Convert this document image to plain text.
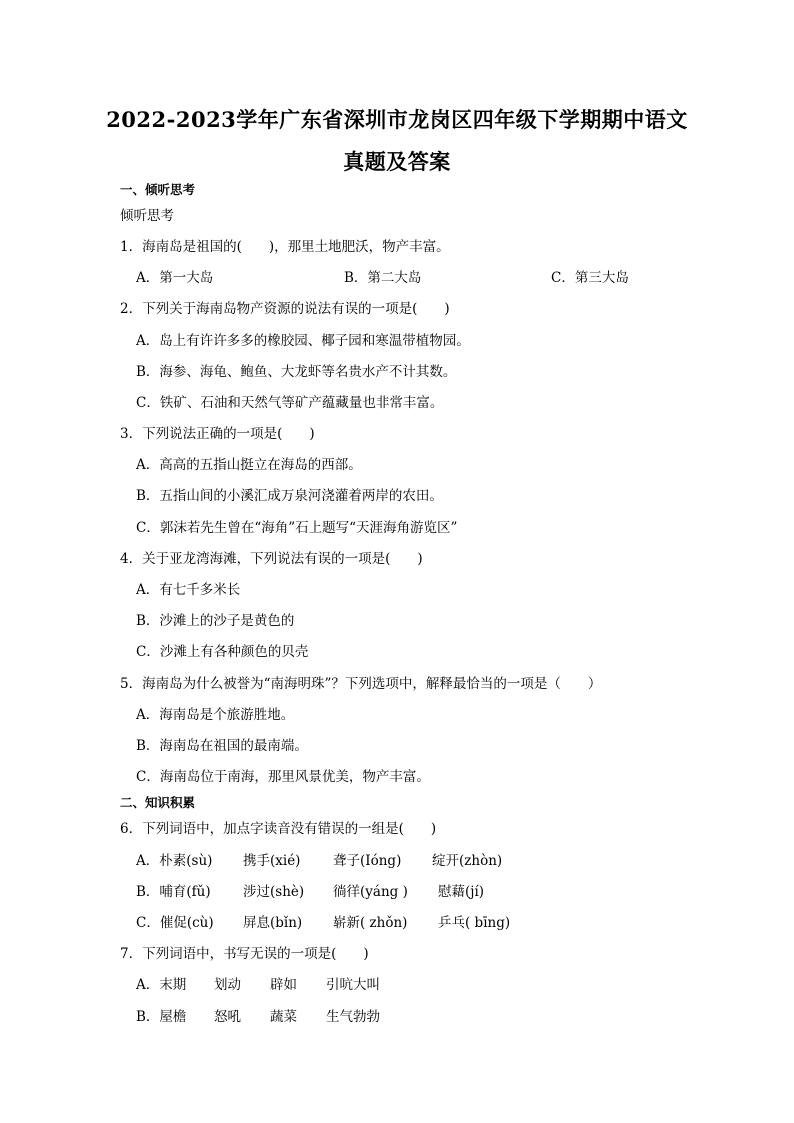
2022-2023学年广东省深圳市龙岗区四年级下学期期中语文
真题及答案
一、倾听思考
倾听思考
1．海南岛是祖国的(　　)，那里土地肥沃，物产丰富。
A．第一大岛	B．第二大岛	C．第三大岛
2．下列关于海南岛物产资源的说法有误的一项是(　　)
A．岛上有许许多多的橡胶园、椰子园和寒温带植物园。
B．海参、海龟、鲍鱼、大龙虾等名贵水产不计其数。
C．铁矿、石油和天然气等矿产蕴藏量也非常丰富。
3．下列说法正确的一项是(　　)
A．高高的五指山挺立在海岛的西部。
B．五指山间的小溪汇成万泉河浇灌着两岸的农田。
C．郭沫若先生曾在“海角”石上题写“天涯海角游览区”
4．关于亚龙湾海滩，下列说法有误的一项是(　　)
A．有七千多米长
B．沙滩上的沙子是黄色的
C．沙滩上有各种颜色的贝壳
5．海南岛为什么被誉为“南海明珠”？下列选项中，解释最恰当的一项是（　　）
A．海南岛是个旅游胜地。
B．海南岛在祖国的最南端。
C．海南岛位于南海，那里风景优美，物产丰富。
二、知识积累
6．下列词语中，加点字读音没有错误的一组是(　　)
A．朴素(sù) 携手(xié) 聋子(Ióng) 绽开(zhòn)
B．哺育(fǔ) 涉过(shè) 徜徉(yáng ) 慰藉(jí)
C．催促(cù) 屏息(bǐn) 崭新( zhǒn) 乒乓( bīng)
7．下列词语中，书写无误的一项是(　　)
A．末期 划动 辟如 引吭大叫
B．屋檐 怒吼 蔬菜 生气勃勃
